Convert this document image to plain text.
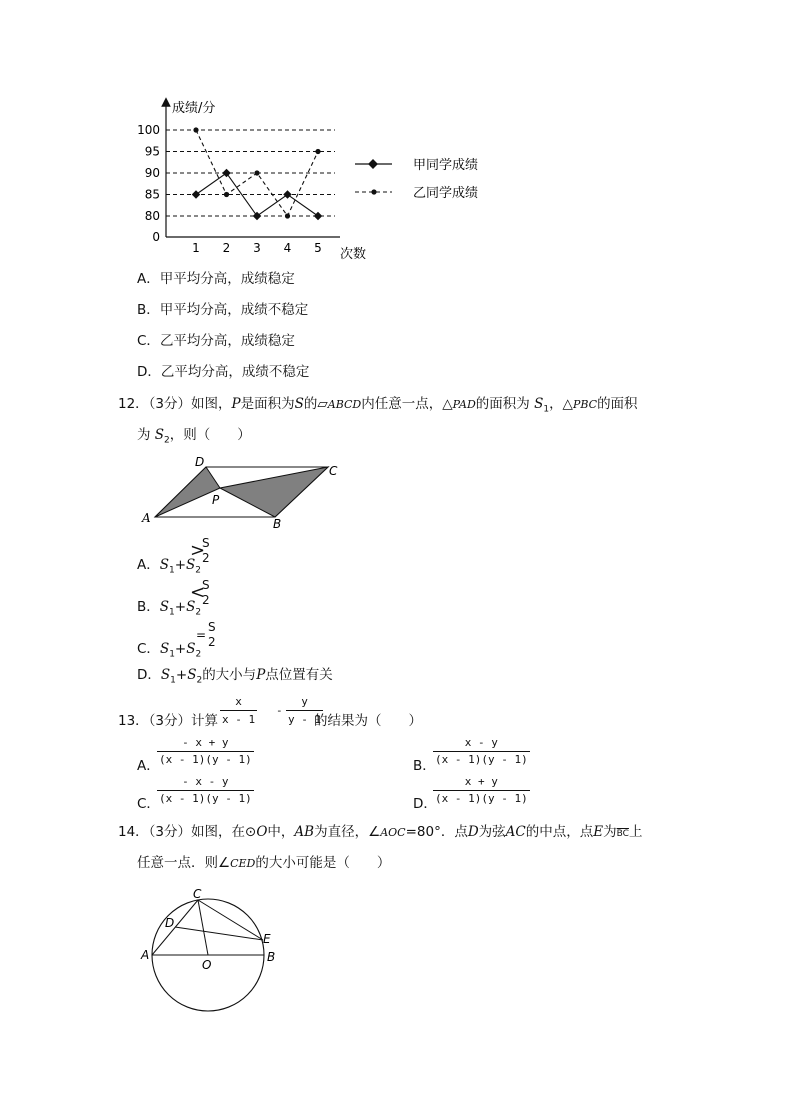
成绩/分
次数
0
80
85
90
95
100
1 2 3 4 5
甲同学成绩
乙同学成绩
A．甲平均分高，成绩稳定
B．甲平均分高，成绩不稳定
C．乙平均分高，成绩稳定
D．乙平均分高，成绩不稳定
12．（3分）如图，P是面积为S的▱ABCD内任意一点，△PAD的面积为 $S_1$，△PBC的面积
为 $S_2$，则（　　）
A	B
C
D
P
A．$S_1+S_2$
>
S
2
B．$S_1+S_2$
<
S
2
C．$S_1+S_2$
=
S
2
D．$S_1+S_2$的大小与P点位置有关
13．（3分）计算 $\frac{x}{x - 1}$ -
$\frac{y}{y - 1}$
的结果为（　　）
A．
$\frac{- x + y}{(x - 1)(y - 1)}$	B．
$\frac{x - y}{(x - 1)(y - 1)}$
C．
$\frac{- x - y}{(x - 1)(y - 1)}$	D．
$\frac{x + y}{(x - 1)(y - 1)}$
14．（3分）如图，在⊙O中，AB为直径，∠AOC=80°．点D为弦AC的中点，点E为$\overline{BC}$上
任意一点．则∠CED的大小可能是（　　）
A	B
C
D
E
O
